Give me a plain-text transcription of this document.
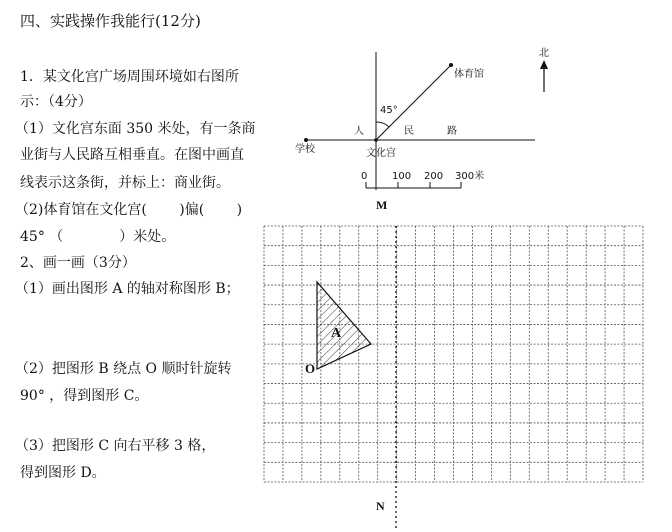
四、实践操作我能行(12分)
1．某文化宫广场周围环境如右图所
示：（4分）
（1）文化宫东面 350 米处，有一条商
业街与人民路互相垂直。在图中画直
线表示这条街，并标上：商业街。
（2)体育馆在文化宫(　　 )偏(　　 )
45° （　　　　）米处。
2、画一画（3分）
（1）画出图形 A 的轴对称图形 B；
（2）把图形 B 绕点 O 顺时针旋转
90° ，得到图形 C。
（3）把图形 C 向右平移 3 格，
得到图形 D。
北
体育馆
45°
人	民	路
学校	文化宫
0 100 200 300米
M
N
A
O
